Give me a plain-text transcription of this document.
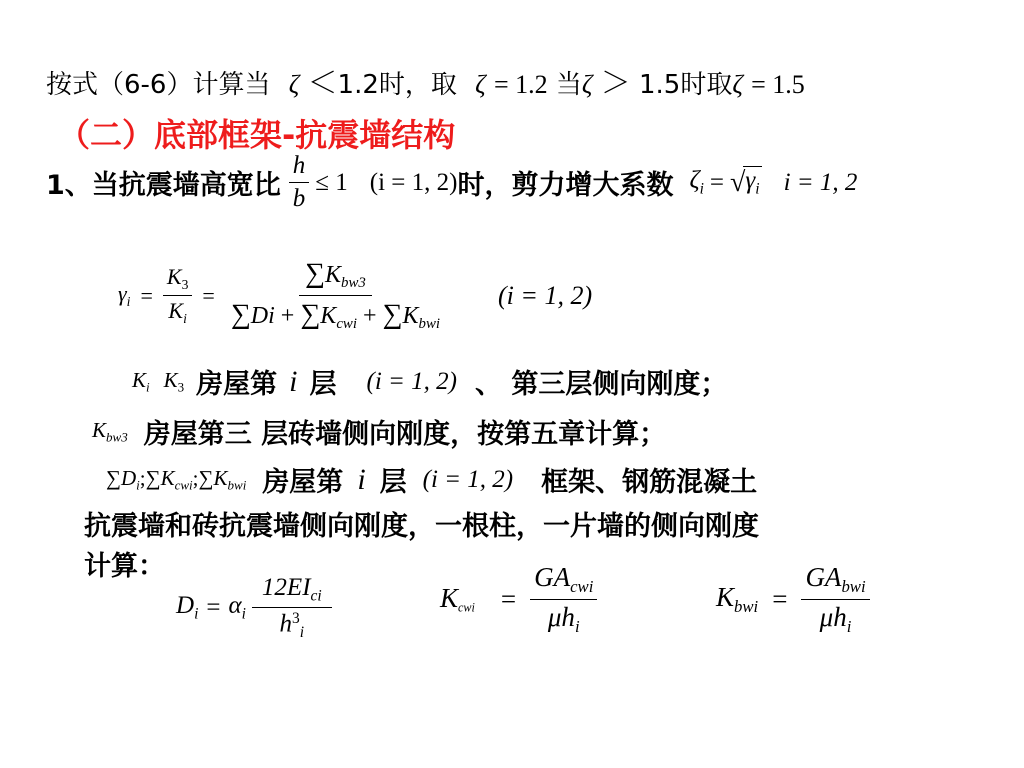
按式（6-6）计算当 ζ ＜1.2时，取 ζ = 1.2 当ζ ＞ 1.5时取ζ = 1.5
（二）底部框架-抗震墙结构
1、当抗震墙高宽比 $\frac{h}{b} \le 1$ (i = 1, 2) 时，剪力增大系数 $\zeta_i$ = √ $\gamma_i$ i = 1, 2
$\gamma_i = \frac{K_3}{K_i} = \frac{\sum K_{bw3}}{\sum Di + \sum K_{cwi} + \sum K_{bwi}} (i = 1$, 2)
$K_i$ $K_3$ 房屋第 i 层 (i = 1, 2) 、 第三层侧向刚度；
$K_{bw3}$ 房屋第三 层砖墙侧向刚度，按第五章计算；
$\sum D_i;\sum K_{cwi};\sum K_{bwi}$ 房屋第 i 层 (i = 1, 2) 框架、钢筋混凝土
抗震墙和砖抗震墙侧向刚度，一根柱，一片墙的侧向刚度
计算：
$D_i = \alpha_i \frac{12EI_{ci}}{h^3_i}$	$K_{cwi} = \frac{GA_{cwi}}{\mu h_i}$	$K_{bwi} = \frac{GA_{bwi}}{\mu h_i}$
